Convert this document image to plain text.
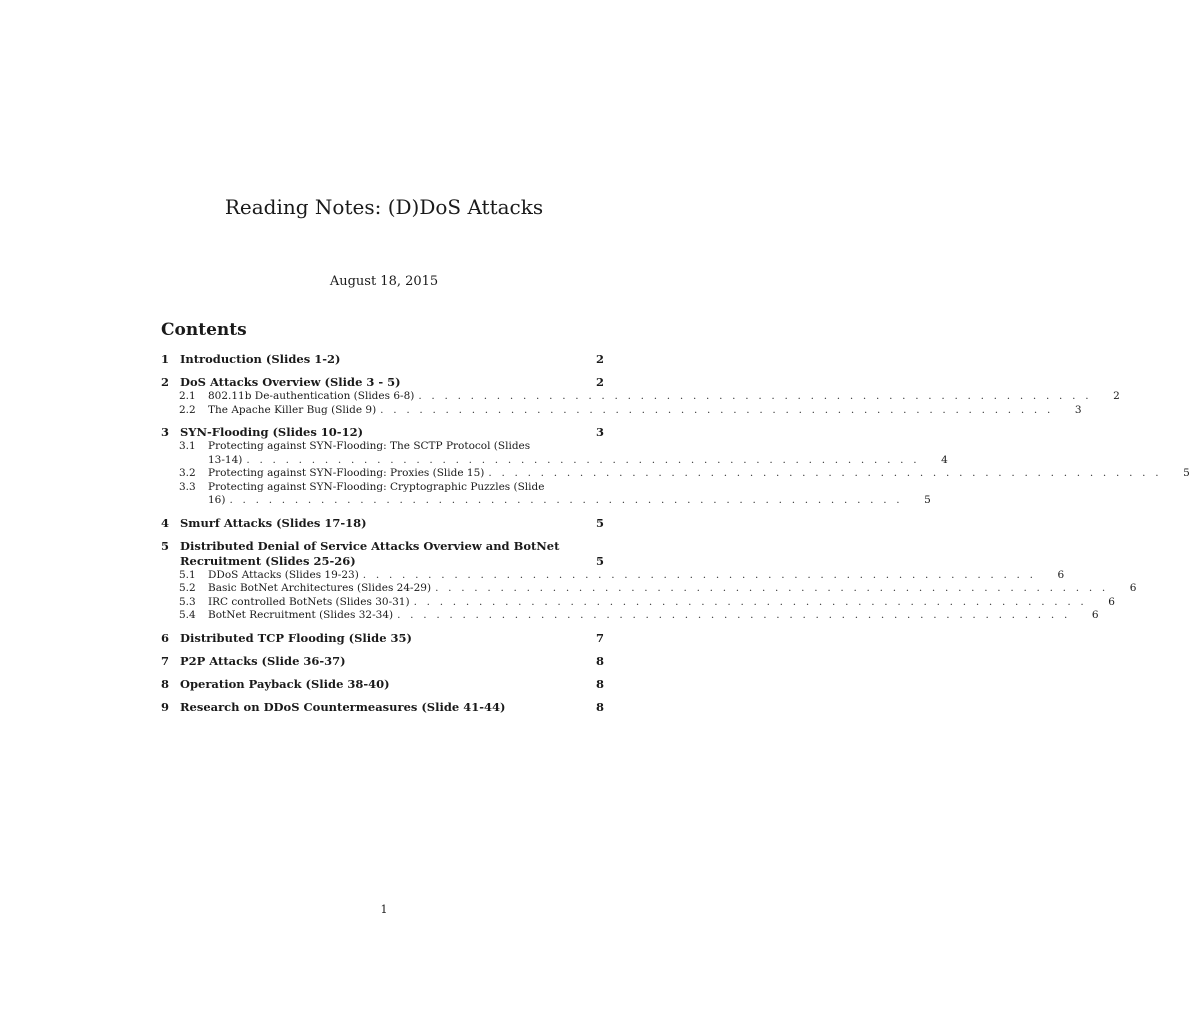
Reading Notes: (D)DoS Attacks
August 18, 2015
Contents
1 Introduction (Slides 1-2)	2
2 DoS Attacks Overview (Slide 3 - 5)	2
2.1	802.11b De-authentication (Slides 6-8) . . . . . . . . . . . . . . . . . . . . . . . . . . . . . . . . . . . . . . . . . . . . . . . . . . . .	2
2.2	The Apache Killer Bug (Slide 9) . . . . . . . . . . . . . . . . . . . . . . . . . . . . . . . . . . . . . . . . . . . . . . . . . . . .	3
3 SYN-Flooding (Slides 10-12)	3
3.1	Protecting against SYN-Flooding: The SCTP Protocol (Slides
13-14) . . . . . . . . . . . . . . . . . . . . . . . . . . . . . . . . . . . . . . . . . . . . . . . . . . . .	4
3.2	Protecting against SYN-Flooding: Proxies (Slide 15) . . . . . . . . . . . . . . . . . . . . . . . . . . . . . . . . . . . . . . . . . . . . . . . . . . . .	5
3.3	Protecting against SYN-Flooding: Cryptographic Puzzles (Slide
16) . . . . . . . . . . . . . . . . . . . . . . . . . . . . . . . . . . . . . . . . . . . . . . . . . . . .	5
4 Smurf Attacks (Slides 17-18)	5
5 Distributed Denial of Service Attacks Overview and BotNet
Recruitment (Slides 25-26)	5
5.1	DDoS Attacks (Slides 19-23) . . . . . . . . . . . . . . . . . . . . . . . . . . . . . . . . . . . . . . . . . . . . . . . . . . . .	6
5.2	Basic BotNet Architectures (Slides 24-29) . . . . . . . . . . . . . . . . . . . . . . . . . . . . . . . . . . . . . . . . . . . . . . . . . . . .	6
5.3	IRC controlled BotNets (Slides 30-31) . . . . . . . . . . . . . . . . . . . . . . . . . . . . . . . . . . . . . . . . . . . . . . . . . . . .	6
5.4	BotNet Recruitment (Slides 32-34) . . . . . . . . . . . . . . . . . . . . . . . . . . . . . . . . . . . . . . . . . . . . . . . . . . . .	6
6 Distributed TCP Flooding (Slide 35)	7
7 P2P Attacks (Slide 36-37)	8
8 Operation Payback (Slide 38-40)	8
9 Research on DDoS Countermeasures (Slide 41-44)	8
1
